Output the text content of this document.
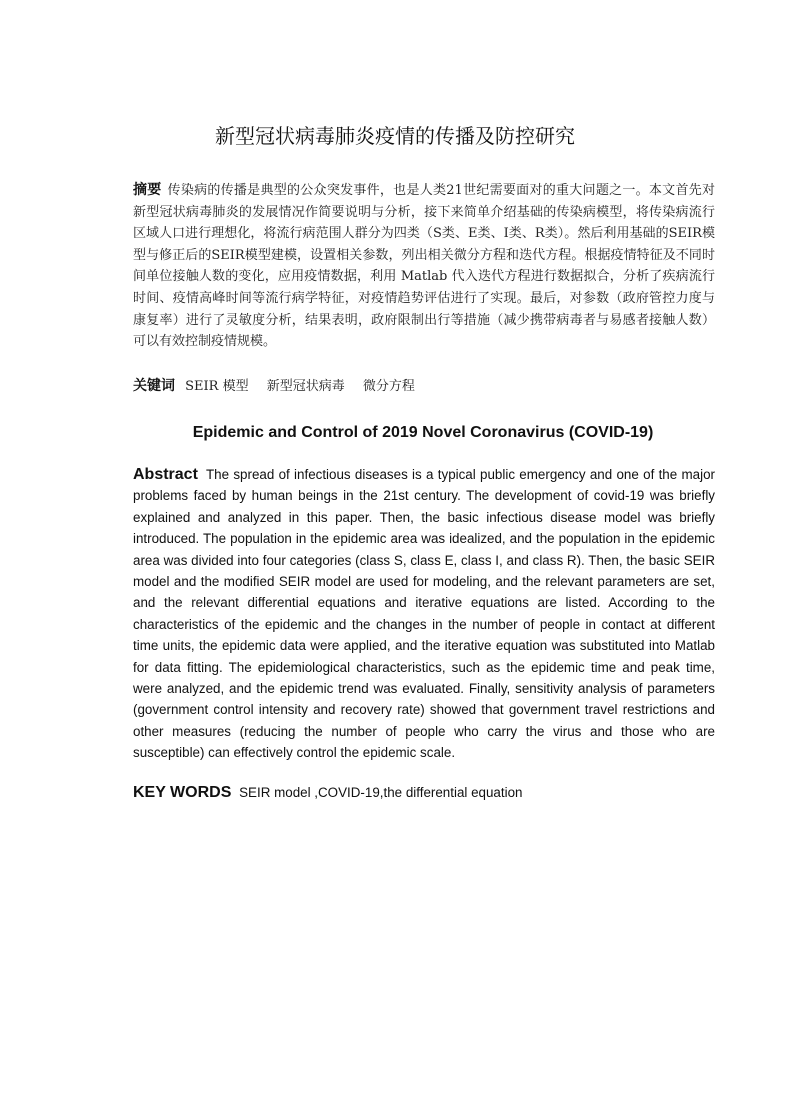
新型冠状病毒肺炎疫情的传播及防控研究

摘要 传染病的传播是典型的公众突发事件，也是人类21世纪需要面对的重大问题之一。本文首先对新型冠状病毒肺炎的发展情况作简要说明与分析，接下来简单介绍基础的传染病模型，将传染病流行区域人口进行理想化，将流行病范围人群分为四类（S类、E类、I类、R类）。然后利用基础的SEIR模型与修正后的SEIR模型建模，设置相关参数，列出相关微分方程和迭代方程。根据疫情特征及不同时间单位接触人数的变化，应用疫情数据，利用 Matlab 代入迭代方程进行数据拟合，分析了疾病流行时间、疫情高峰时间等流行病学特征，对疫情趋势评估进行了实现。最后，对参数（政府管控力度与康复率）进行了灵敏度分析，结果表明，政府限制出行等措施（减少携带病毒者与易感者接触人数）可以有效控制疫情规模。

关键词 SEIR 模型 新型冠状病毒 微分方程
Epidemic and Control of 2019 Novel Coronavirus (COVID-19)

Abstract The spread of infectious diseases is a typical public emergency and one of the major problems faced by human beings in the 21st century. The development of covid-19 was briefly explained and analyzed in this paper. Then, the basic infectious disease model was briefly introduced. The population in the epidemic area was idealized, and the population in the epidemic area was divided into four categories (class S, class E, class I, and class R). Then, the basic SEIR model and the modified SEIR model are used for modeling, and the relevant parameters are set, and the relevant differential equations and iterative equations are listed. According to the characteristics of the epidemic and the changes in the number of people in contact at different time units, the epidemic data were applied, and the iterative equation was substituted into Matlab for data fitting. The epidemiological characteristics, such as the epidemic time and peak time, were analyzed, and the epidemic trend was evaluated. Finally, sensitivity analysis of parameters (government control intensity and recovery rate) showed that government travel restrictions and other measures (reducing the number of people who carry the virus and those who are susceptible) can effectively control the epidemic scale.

KEY WORDS SEIR model ,COVID-19,the differential equation
